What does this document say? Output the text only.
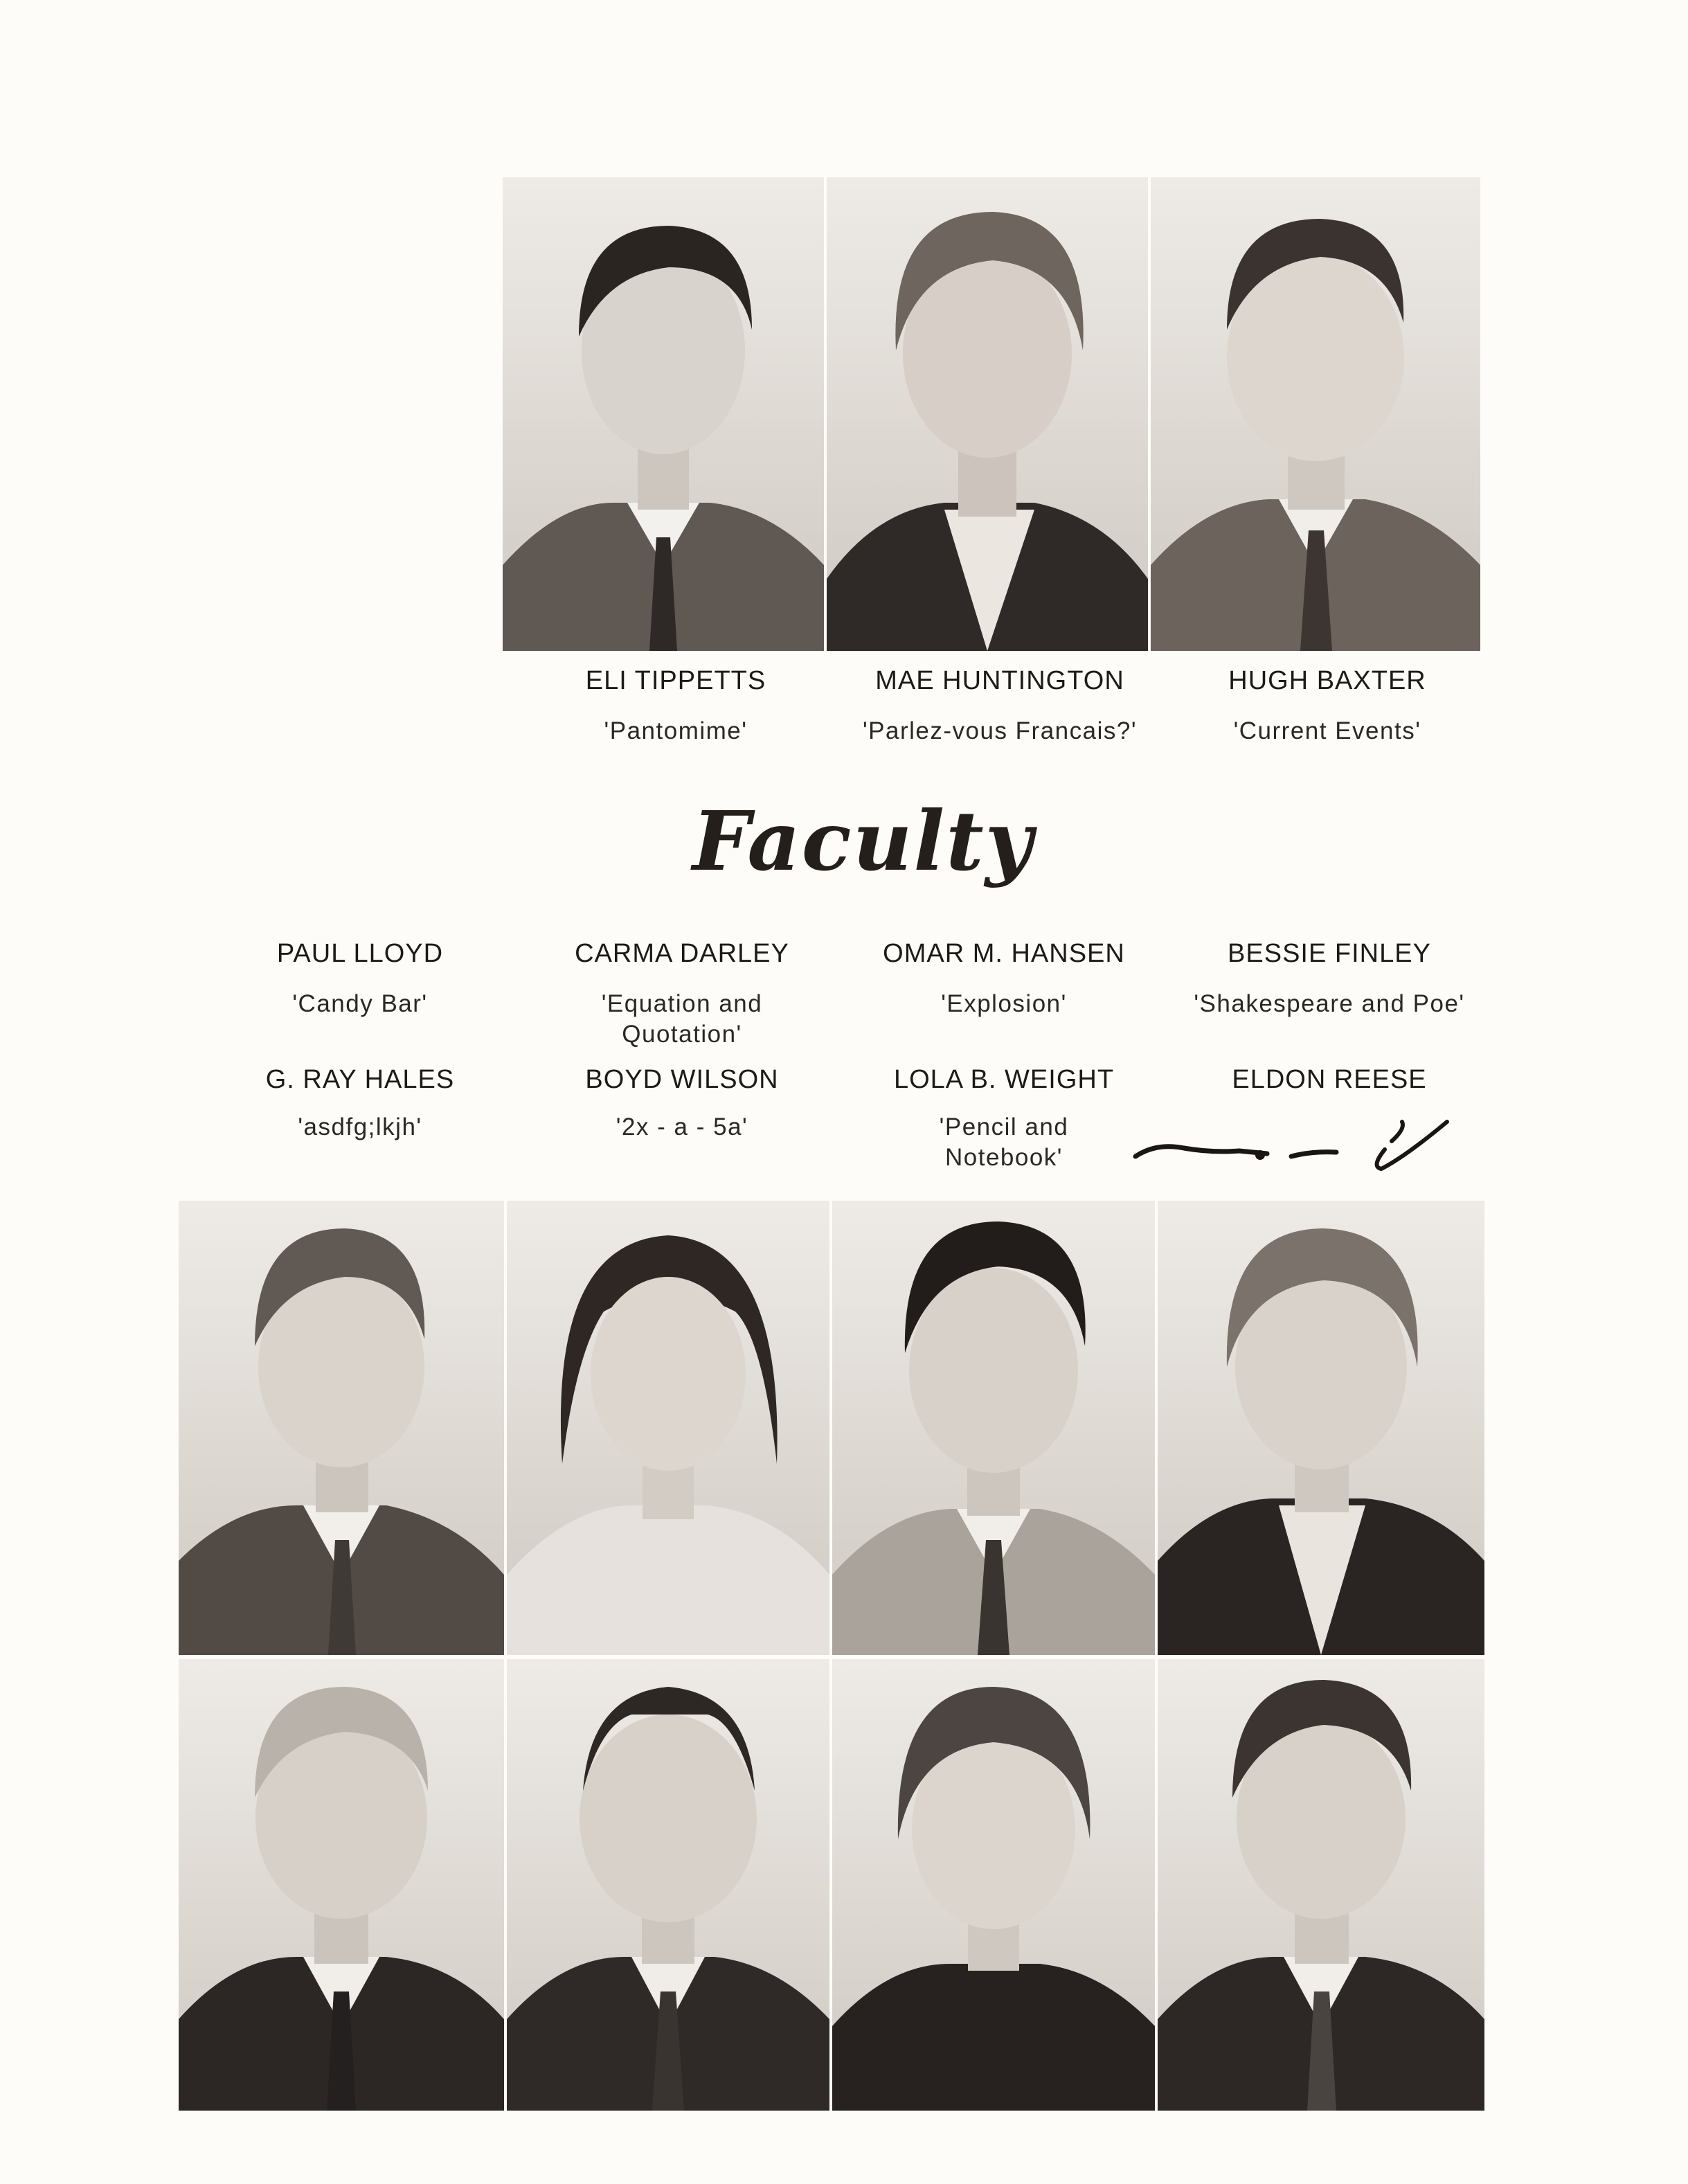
ELI TIPPETTS
'Pantomime'
MAE HUNTINGTON
'Parlez-vous Francais?'
HUGH BAXTER
'Current Events'
Faculty
PAUL LLOYD
'Candy Bar'
CARMA DARLEY
'Equation and Quotation'
OMAR M. HANSEN
'Explosion'
BESSIE FINLEY
'Shakespeare and Poe'
G. RAY HALES
'asdfg;lkjh'
BOYD WILSON
'2x - a - 5a'
LOLA B. WEIGHT
'Pencil and Notebook'
ELDON REESE
